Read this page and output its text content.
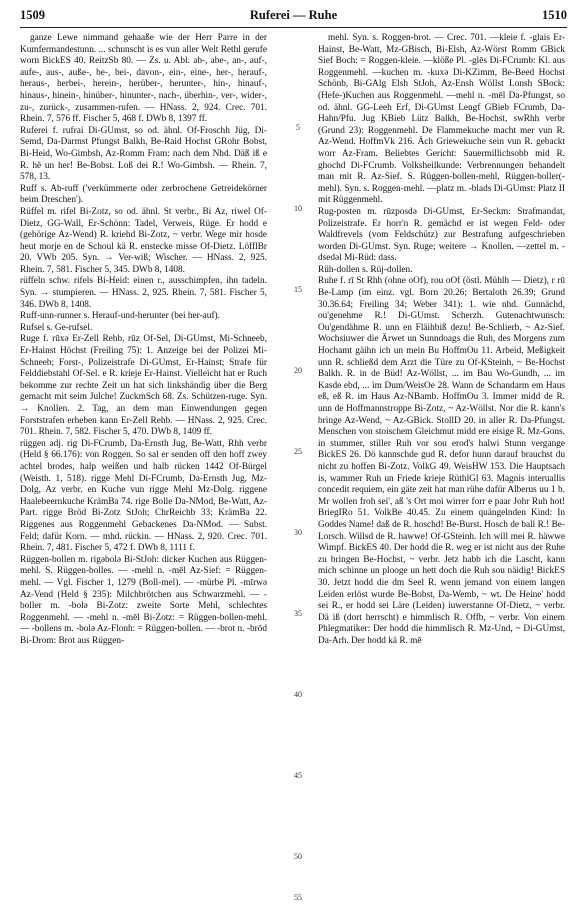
1509	Ruferei — Ruhe	1510

ganze Lewe nimmand gehaaße wie der Herr Parre in der Kumfermandestunn. ... schunscht is es vun aller Welt Rethl gerufe worn BickES 40. ReitzSb 80. — Zs. u. Abl. ab-, abe-, an-, auf-, aufe-, aus-, auße-, be-, bei-, davon-, ein-, eine-, her-, herauf-, heraus-, herbei-, herein-, herüber-, herunter-, hin-, hinauf-, hinaus-, hinein-, hinüber-, hinunter-, nach-, überhin-, ver-, wider-, zu-, zurück-, zusammen-rufen. — HNass. 2, 924. Crec. 701. Rhein. 7, 576 ff. Fischer 5, 468 f. DWb 8, 1397 ff.

Ruferei f. rufrai Di-GUmst, so od. ähnl. Of-Froschh Jüg, Di-Semd, Da-Darmst Pfungst Balkh, Be-Raid Hochst GRohr Bobst, Bi-Heid, Wo-Gimbsh, Az-Romm Fram: nach dem Nhd. Däß iß e R. hẽ un her! Be-Bobst. Loß dei R.! Wo-Gimbsh. — Rhein. 7, 578, 13.

Ruff s. Ab-ruff ('verkümmerte oder zerbrochene Getreidekörner beim Dreschen').

Rüffel m. rifel Bi-Zotz, so od. ähnl. St verbr., Bi Az, riwel Of-Dietz, GG-Wall, Er-Schönn: Tadel, Verweis, Rüge. Er hodd e (gehörige Az-Wend) R. kriehd Bi-Zotz, ~ verbr. Wege mir hosde heut morje en de Schoul kä R. enstecke misse Of-Dietz. LöfflBr 20. VWb 205. Syn. → Ver-wiß; Wischer. — HNass. 2, 925. Rhein. 7, 581. Fischer 5, 345. DWb 8, 1408.

rüffeln schw. rifels Bi-Heid: einen r., ausschimpfen, ihn tadeln. Syn. → stumpieren. — HNass. 2, 925. Rhein. 7, 581. Fischer 5, 346. DWb 8, 1408.

Ruff-unn-runner s. Herauf-und-herunter (bei her-auf).

Rufsel s. Ge-rufsel.

Ruge f. rūxə Er-Zell Rehb, rūz Of-Sel, Di-GUmst, Mi-Schneeb, Er-Hainst Höchst (Freiling 75): 1. Anzeige bei der Polizei Mi-Schneeb; Forst-, Polizeistrafe Di-GUmst, Er-Hainst; Strafe für Felddiebstahl Of-Sel. e R. krieje Er-Hainst. Vielleicht hat er Ruch bekomme zur rechte Zeit un hat sich linkshändig über die Berg gemacht mit seim Julche! ZuckmSch 68. Zs. Schützen-ruge. Syn. → Knollen. 2. Tag, an dem man Einwendungen gegen Forststrafen erheben kann Er-Zell Rehb. — HNass. 2, 925. Crec. 701. Rhein. 7, 582. Fischer 5, 470. DWb 8, 1409 ff.

rüggen adj. rig Di-FCrumb, Da-Ernsth Jug, Be-Watt, Rhh verbr (Held § 66.176): von Roggen. So sal er senden off den hoff zwey achtel brodes, halp weißen und halb rücken 1442 Of-Bürgel (Weisth. 1, 518). rigge Mehl Di-FCrumb, Da-Ernsth Jug, Mz-Dolg, Az verbr. en Kuche vun rigge Mehl Mz-Dolg. riggene Haalebeernkuche KrämBa 74. rige Bolle Da-NMod, Be-Watt, Az-Part. rigge Bröd Bi-Zotz StJoh; ChrReichb 33; KrämBa 22. Riggenes aus Roggenmehl Gebackenes Da-NMod. — Subst. Feld; dafür Korn. — mhd. rückin. — HNass. 2, 920. Crec. 701. Rhein. 7, 481. Fischer 5, 472 f. DWb 8, 1111 f.

Rüggen-bollen m. rigəbolə Bi-StJoh: dicker Kuchen aus Rüggen-mehl. S. Rüggen-bolles. — -mehl n. -mēl Az-Sief: = Rüggen-mehl. — Vgl. Fischer 1, 1279 (Boll-mel). — -mürbe Pl. -mīrwə Az-Vend (Held § 235): Milchbrötchen aus Schwarzmehl. — -boller m. -bolə Bi-Zotz: zweite Sorte Mehl, schlechtes Roggenmehl. — -mehl n. -mēl Bi-Zotz: = Rüggen-bollen-mehl. — -bollens m. -bolə Az-Flonh: = Rüggen-bollen. — -brot n. -brōd Bi-Drom: Brot aus Rüggen-

5
10
15
20
25
30
35
40
45
50
55

mehl. Syn. s. Roggen-brot. — Crec. 701. —kleie f. -glais Er-Hainst, Be-Watt, Mz-GBisch, Bi-Elsh, Az-Wörst Romm GBick Sief Boch: = Roggen-kleie. —klöße Pl. -glēs Di-FCrumb: Kl. aus Roggenmehl. —kuchen m. -kuxə Di-KZimm, Be-Beed Hochst Schönb, Bi-GAlg Elsh StJoh, Az-Ensh Wöllst Lonsh SBock: (Hefe-)Kuchen aus Roggenmehl. —mehl n. -mēl Da-Pfungst, so od. ähnl. GG-Leeh Erf, Di-GUmst Lengf GBieb FCrumb, Da-Hahn/Pfu. Jug KBieb Lütz Balkh, Be-Hochst, swRhh verbr (Grund 23): Roggenmehl. De Flammekuche macht mer vun R. Az-Wend. HoffmVk 216. Äch Griewekuche sein vun R. gebackt worr Az-Fram. Beliebtes Gericht: Sauermillichsobb mid R. ghochd Di-FCrumb. Volksheilkunde: Verbrennungen behandelt man mit R. Az-Sief. S. Rüggen-bollen-mehl, Rüggen-boller(-mehl). Syn. s. Roggen-mehl. —platz m. -blads Di-GUmst: Platz II mit Rüggenmehl.

Rug-posten m. rūzposdə Di-GUmst, Er-Seckm: Strafmandat, Polizeistrafe. Er horr'n R. gemächd er ist wegen Feld- oder Waldfrevels (vom Feldschütz) zur Bestrafung aufgeschrieben worden Di-GUmst. Syn. Ruge; weitere → Knollen. —zettel m. -dsedəl Mi-Rüd: dass.

Rüh-dollen s. Rüj-dollen.

Ruhe f. rī St Rhh (ohne oOf), rou oOf (östl. Mühlh — Dietz), r rū Be-Lamp (im einz. vgl. Born 20.26; Bertaloth 26.39; Grund 30.36.64; Freiling 34; Weber 341): 1. wie nhd. Gunnächd, ou'genehme R.! Di-GUmst. Scherzh. Gutenachtwunsch: Ou'gendähme R. unn en Fläihbiß dezu! Be-Schlierb, ~ Az-Sief. Wochsiuwer die Ärwet un Sunndoags die Ruh, des Morgens zum Hochamt gäihn ich un mein Bu HoffmOu 11. Arbeid, Meßigkeit unn R. schließd dem Arzt die Türe zu Of-KSteinh, ~ Be-Hochst Balkh. R. in de Büd! Az-Wöllst, ... im Bau Wo-Gundh, ... im Kasde ebd, ... im Dum/WeisOe 28. Wann de Schandarm em Haus eß, eß R. im Haus Az-NBamb. HoffmOu 3. Immer midd de R. unn de Hoffmannstroppe Bi-Zotz, ~ Az-Wöllst. Nor die R. kann's bringe Az-Wend, ~ Az-GBick. StollD 20. in aller R. Da-Pfungst. Menschen von stoischem Gleichmut midd ere eisige R. Mz-Gons. in stummer, stiller Ruh vor sou erod's halwi Stunn vergange BickES 26. Dö kannschde gud R. defor hunn darauf brauchst du nicht zu hoffen Bi-Zotz. VolkG 49. WeisHW 153. Die Hauptsach is, wammer Ruh un Friede krieje RüthlGl 63. Magnis interuallis concedit requiem, ein gäte zeit hat man rühe dafür Alberus uu 1 b. Mr wollen froh sei', aß 's Ort moi wirrer forr e paar Johr Ruh hot! BriegIRo 51. VolkBe 40.45. Zu einem quängelnden Kind: In Goddes Name! daß de R. hoschd! Be-Burst. Hosch de ball R.! Be-Lorsch. Willsd de R. hawwe! Of-GSteinh. Ich will mei R. häwwe Wimpf. BickES 40. Der hodd die R. weg er ist nicht aus der Ruhe zu bringen Be-Hochst, ~ verbr. Jetz habb ich die Lascht, kann mich schinne un plooge un hett doch die Ruh sou näidig! BickES 30. Jetzt hodd die dm Seel R. wenn jemand von einem langen Leiden erlöst wurde Be-Bobst, Da-Wemb, ~ wt. De Heine' hodd sei R., er hodd sei Läre (Leiden) iuwerstanne Of-Dietz, ~ verbr. Dä iß (dort herrscht) e himmlisch R. Offb, ~ verbr. Von einem Phlegmatiker: Der hodd die himmlisch R. Mz-Und, ~ Di-GUmst, Da-Arh. Der hodd kä R. mē
